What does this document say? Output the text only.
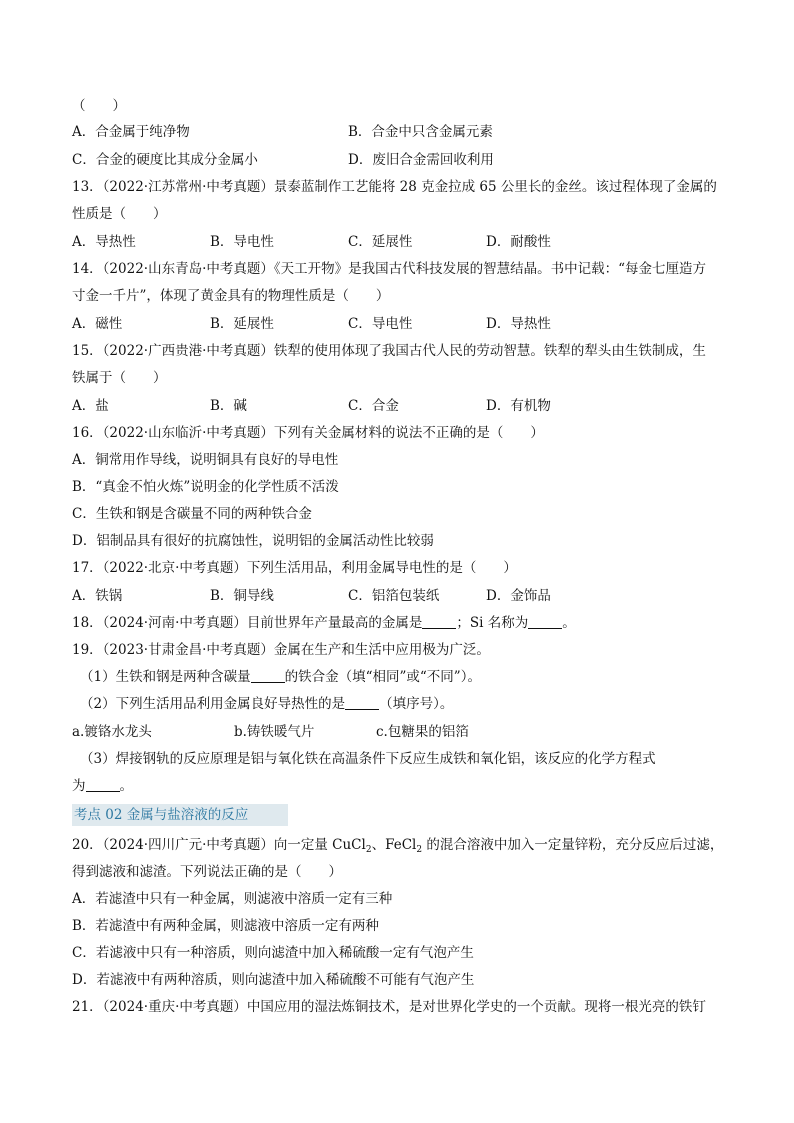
（　　）
A．合金属于纯净物	B．合金中只含金属元素
C．合金的硬度比其成分金属小	D．废旧合金需回收利用
13．（2022·江苏常州·中考真题）景泰蓝制作工艺能将 28 克金拉成 65 公里长的金丝。该过程体现了金属的
性质是（　　）
A．导热性	B．导电性	C．延展性	D．耐酸性
14．（2022·山东青岛·中考真题）《天工开物》是我国古代科技发展的智慧结晶。书中记载：“每金七厘造方
寸金一千片”，体现了黄金具有的物理性质是（　　）
A．磁性	B．延展性	C．导电性	D．导热性
15．（2022·广西贵港·中考真题）铁犁的使用体现了我国古代人民的劳动智慧。铁犁的犁头由生铁制成，生
铁属于（　　）
A．盐	B．碱	C．合金	D．有机物
16．（2022·山东临沂·中考真题）下列有关金属材料的说法不正确的是（　　）
A．铜常用作导线，说明铜具有良好的导电性
B．“真金不怕火炼”说明金的化学性质不活泼
C．生铁和钢是含碳量不同的两种铁合金
D．铝制品具有很好的抗腐蚀性，说明铝的金属活动性比较弱
17．（2022·北京·中考真题）下列生活用品，利用金属导电性的是（　　）
A．铁锅	B．铜导线	C．铝箔包装纸	D．金饰品
18．（2024·河南·中考真题）目前世界年产量最高的金属是	；Si 名称为	。
19．（2023·甘肃金昌·中考真题）金属在生产和生活中应用极为广泛。
（1）生铁和钢是两种含碳量	的铁合金（填“相同”或“不同”）。
（2）下列生活用品利用金属良好导热性的是	（填序号）。
a.镀铬水龙头	b.铸铁暖气片	c.包糖果的铝箔
（3）焊接钢轨的反应原理是铝与氧化铁在高温条件下反应生成铁和氧化铝，该反应的化学方程式
为	。
考点 02 金属与盐溶液的反应
20．（2024·四川广元·中考真题）向一定量 CuCl$_2$、FeCl$_2$ 的混合溶液中加入一定量锌粉，充分反应后过滤，
得到滤液和滤渣。下列说法正确的是（　　）
A．若滤渣中只有一种金属，则滤液中溶质一定有三种
B．若滤渣中有两种金属，则滤液中溶质一定有两种
C．若滤液中只有一种溶质，则向滤渣中加入稀硫酸一定有气泡产生
D．若滤液中有两种溶质，则向滤渣中加入稀硫酸不可能有气泡产生
21．（2024·重庆·中考真题）中国应用的湿法炼铜技术，是对世界化学史的一个贡献。现将一根光亮的铁钉
